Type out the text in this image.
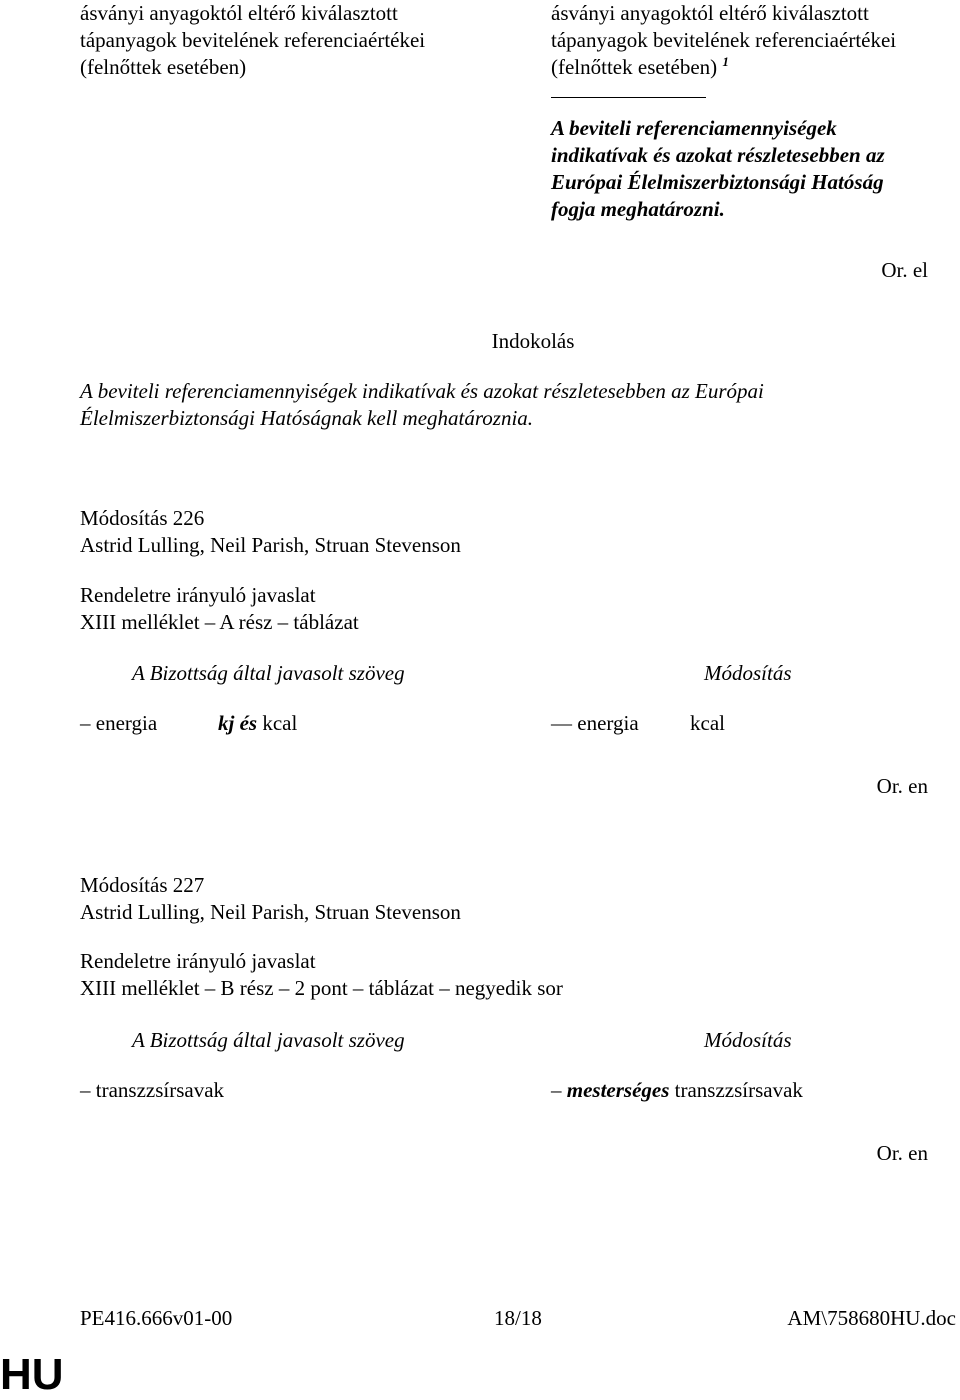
ásványi anyagoktól eltérő kiválasztott
tápanyagok bevitelének referenciaértékei
(felnőttek esetében)
ásványi anyagoktól eltérő kiválasztott
tápanyagok bevitelének referenciaértékei
(felnőttek esetében) $^1$
A beviteli referenciamennyiségek
indikatívak és azokat részletesebben az
Európai Élelmiszerbiztonsági Hatóság
fogja meghatározni.
Or. el
Indokolás
A beviteli referenciamennyiségek indikatívak és azokat részletesebben az Európai
Élelmiszerbiztonsági Hatóságnak kell meghatároznia.
Módosítás 226
Astrid Lulling, Neil Parish, Struan Stevenson
Rendeletre irányuló javaslat
XIII melléklet – A rész – táblázat
A Bizottság által javasolt szöveg	Módosítás
– energia	kj és kcal	— energia kcal
Or. en
Módosítás 227
Astrid Lulling, Neil Parish, Struan Stevenson
Rendeletre irányuló javaslat
XIII melléklet – B rész – 2 pont – táblázat – negyedik sor
A Bizottság által javasolt szöveg	Módosítás
– transzzsírsavak	– mesterséges transzzsírsavak
Or. en
PE416.666v01-00	18/18	AM\758680HU.doc
HU
